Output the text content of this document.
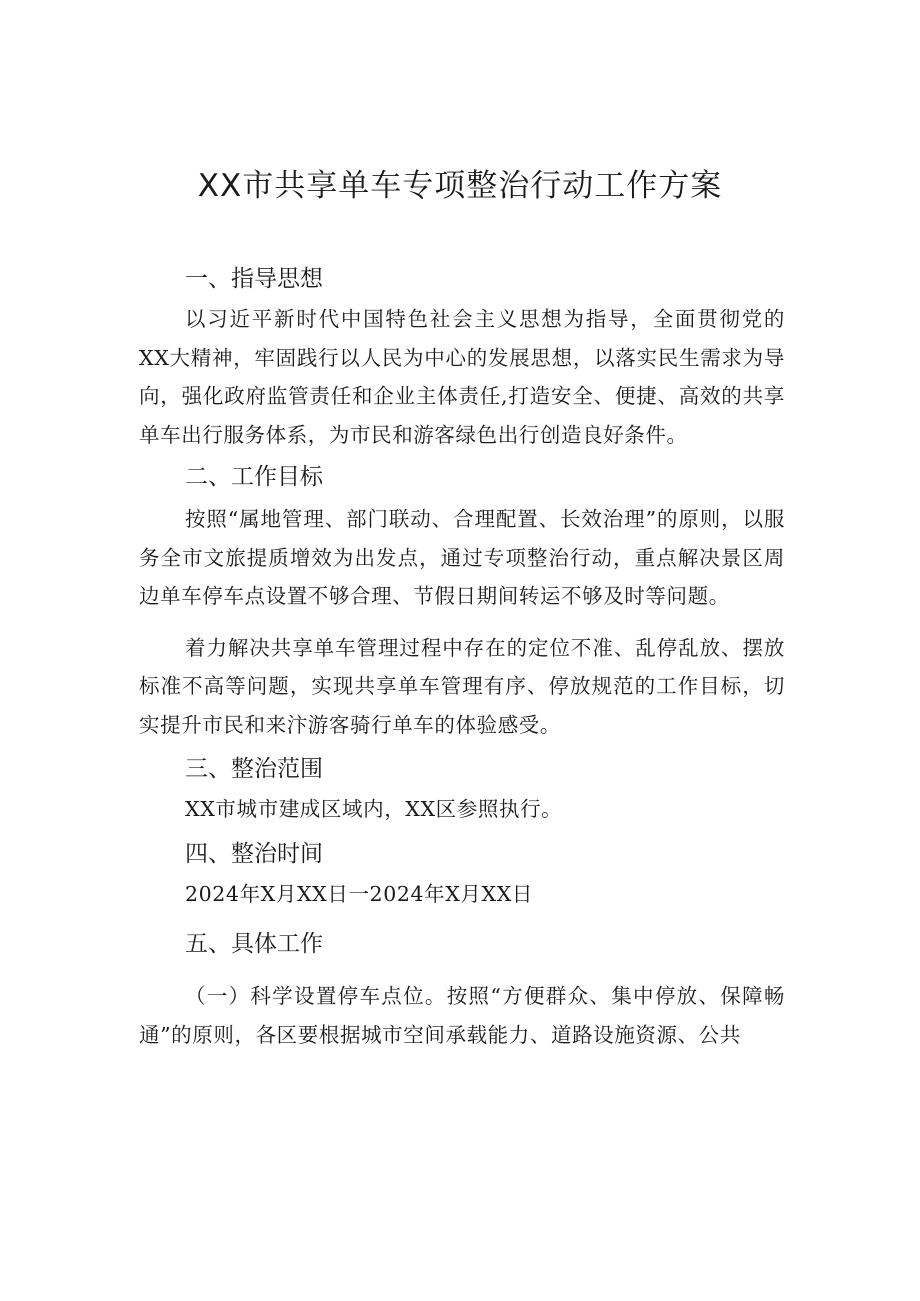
XX市共享单车专项整治行动工作方案
一、指导思想

以习近平新时代中国特色社会主义思想为指导，全面贯彻党的XX大精神，牢固践行以人民为中心的发展思想，以落实民生需求为导向，强化政府监管责任和企业主体责任,打造安全、便捷、高效的共享单车出行服务体系，为市民和游客绿色出行创造良好条件。

二、工作目标

按照“属地管理、部门联动、合理配置、长效治理”的原则，以服务全市文旅提质增效为出发点，通过专项整治行动，重点解决景区周边单车停车点设置不够合理、节假日期间转运不够及时等问题。

着力解决共享单车管理过程中存在的定位不准、乱停乱放、摆放标准不高等问题，实现共享单车管理有序、停放规范的工作目标，切实提升市民和来汴游客骑行单车的体验感受。

三、整治范围

XX市城市建成区域内，XX区参照执行。

四、整治时间

2024年X月XX日一2024年X月XX日

五、具体工作

（一）科学设置停车点位。按照“方便群众、集中停放、保障畅通”的原则，各区要根据城市空间承载能力、道路设施资源、公共
